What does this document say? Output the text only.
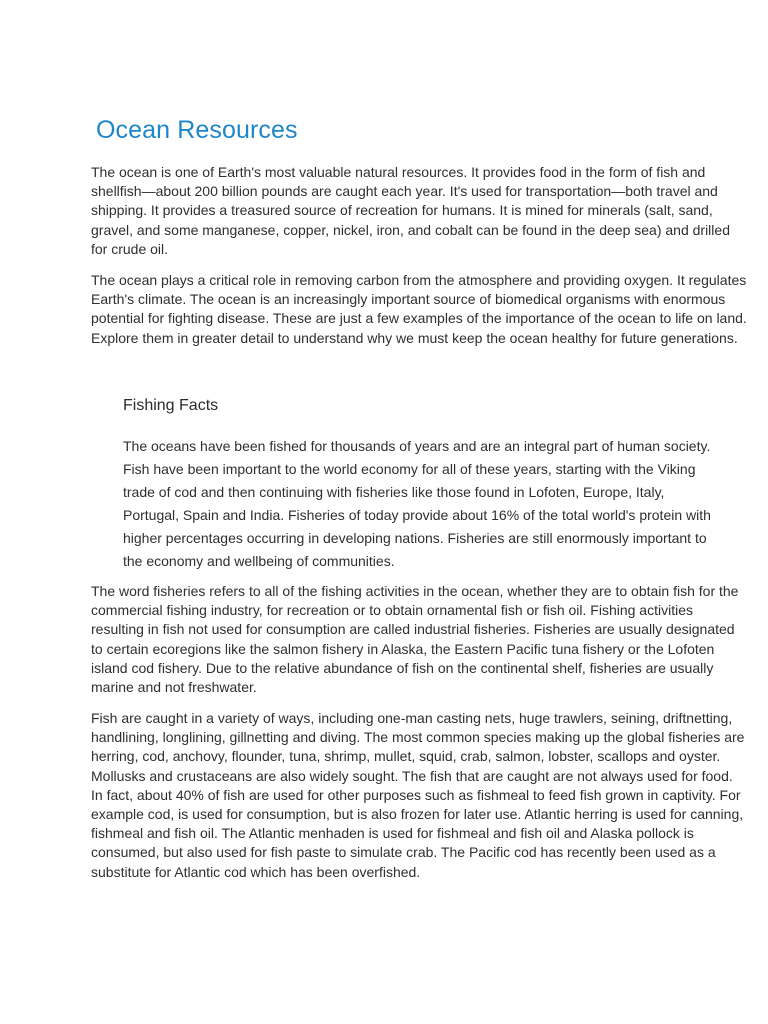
Ocean Resources

The ocean is one of Earth's most valuable natural resources. It provides food in the form of fish and shellfish—about 200 billion pounds are caught each year. It's used for transportation—both travel and shipping. It provides a treasured source of recreation for humans. It is mined for minerals (salt, sand, gravel, and some manganese, copper, nickel, iron, and cobalt can be found in the deep sea) and drilled for crude oil.

The ocean plays a critical role in removing carbon from the atmosphere and providing oxygen. It regulates Earth's climate. The ocean is an increasingly important source of biomedical organisms with enormous potential for fighting disease. These are just a few examples of the importance of the ocean to life on land. Explore them in greater detail to understand why we must keep the ocean healthy for future generations.

Fishing Facts

The oceans have been fished for thousands of years and are an integral part of human society. Fish have been important to the world economy for all of these years, starting with the Viking trade of cod and then continuing with fisheries like those found in Lofoten, Europe, Italy, Portugal, Spain and India. Fisheries of today provide about 16% of the total world's protein with higher percentages occurring in developing nations. Fisheries are still enormously important to the economy and wellbeing of communities.

The word fisheries refers to all of the fishing activities in the ocean, whether they are to obtain fish for the commercial fishing industry, for recreation or to obtain ornamental fish or fish oil. Fishing activities resulting in fish not used for consumption are called industrial fisheries. Fisheries are usually designated to certain ecoregions like the salmon fishery in Alaska, the Eastern Pacific tuna fishery or the Lofoten island cod fishery. Due to the relative abundance of fish on the continental shelf, fisheries are usually marine and not freshwater.

Fish are caught in a variety of ways, including one-man casting nets, huge trawlers, seining, driftnetting, handlining, longlining, gillnetting and diving. The most common species making up the global fisheries are herring, cod, anchovy, flounder, tuna, shrimp, mullet, squid, crab, salmon, lobster, scallops and oyster. Mollusks and crustaceans are also widely sought. The fish that are caught are not always used for food. In fact, about 40% of fish are used for other purposes such as fishmeal to feed fish grown in captivity. For example cod, is used for consumption, but is also frozen for later use. Atlantic herring is used for canning, fishmeal and fish oil. The Atlantic menhaden is used for fishmeal and fish oil and Alaska pollock is consumed, but also used for fish paste to simulate crab. The Pacific cod has recently been used as a substitute for Atlantic cod which has been overfished.
